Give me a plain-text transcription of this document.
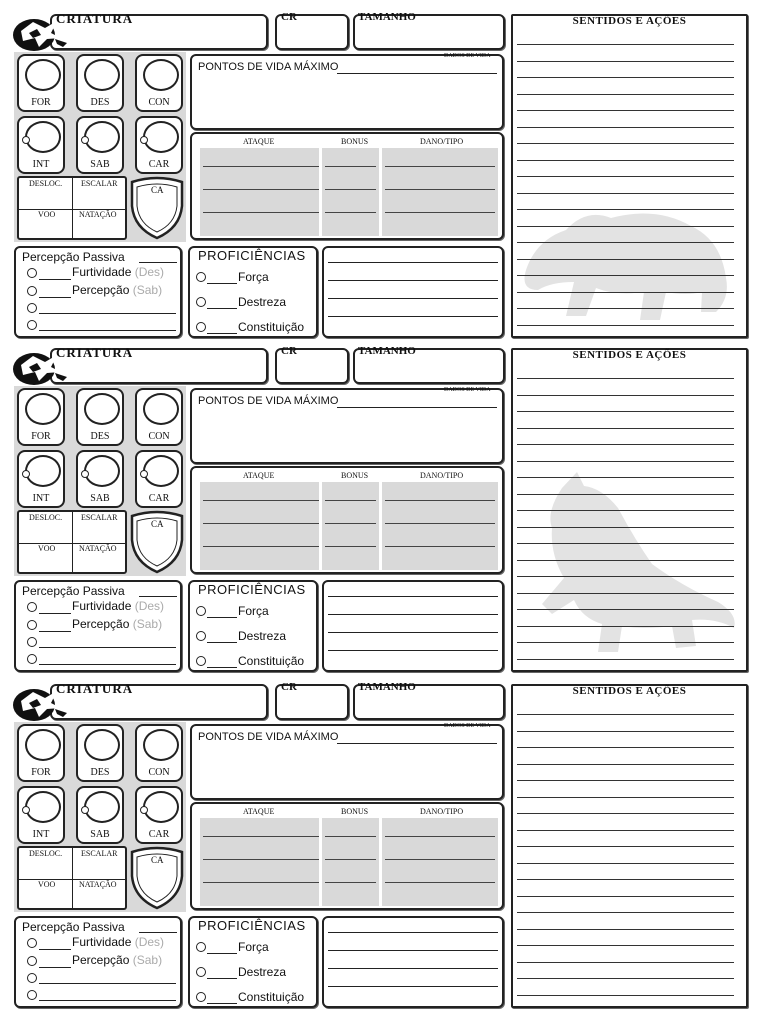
CRIATURA	CR	TAMANHO
FOR	DES	CON
INT	SAB	CAR
DESLOC. ESCALAR
VOO	NATAÇÃO
CA
PONTOS DE VIDA MÁXIMO
DADOS DE VIDA
ATAQUE	BONUS	DANO/TIPO
Percepção Passiva
Furtividade (Des)
Percepção (Sab)
PROFICIÊNCIAS
Força
Destreza
Constituição
SENTIDOS E AÇÕES
CRIATURA	CR	TAMANHO
FOR	DES	CON
INT	SAB	CAR
DESLOC. ESCALAR
VOO	NATAÇÃO
CA
PONTOS DE VIDA MÁXIMO
DADOS DE VIDA
ATAQUE	BONUS	DANO/TIPO
Percepção Passiva
Furtividade (Des)
Percepção (Sab)
PROFICIÊNCIAS
Força
Destreza
Constituição
SENTIDOS E AÇÕES
CRIATURA	CR	TAMANHO
FOR	DES	CON
INT	SAB	CAR
DESLOC. ESCALAR
VOO	NATAÇÃO
CA
PONTOS DE VIDA MÁXIMO
DADOS DE VIDA
ATAQUE	BONUS	DANO/TIPO
Percepção Passiva
Furtividade (Des)
Percepção (Sab)
PROFICIÊNCIAS
Força
Destreza
Constituição
SENTIDOS E AÇÕES
